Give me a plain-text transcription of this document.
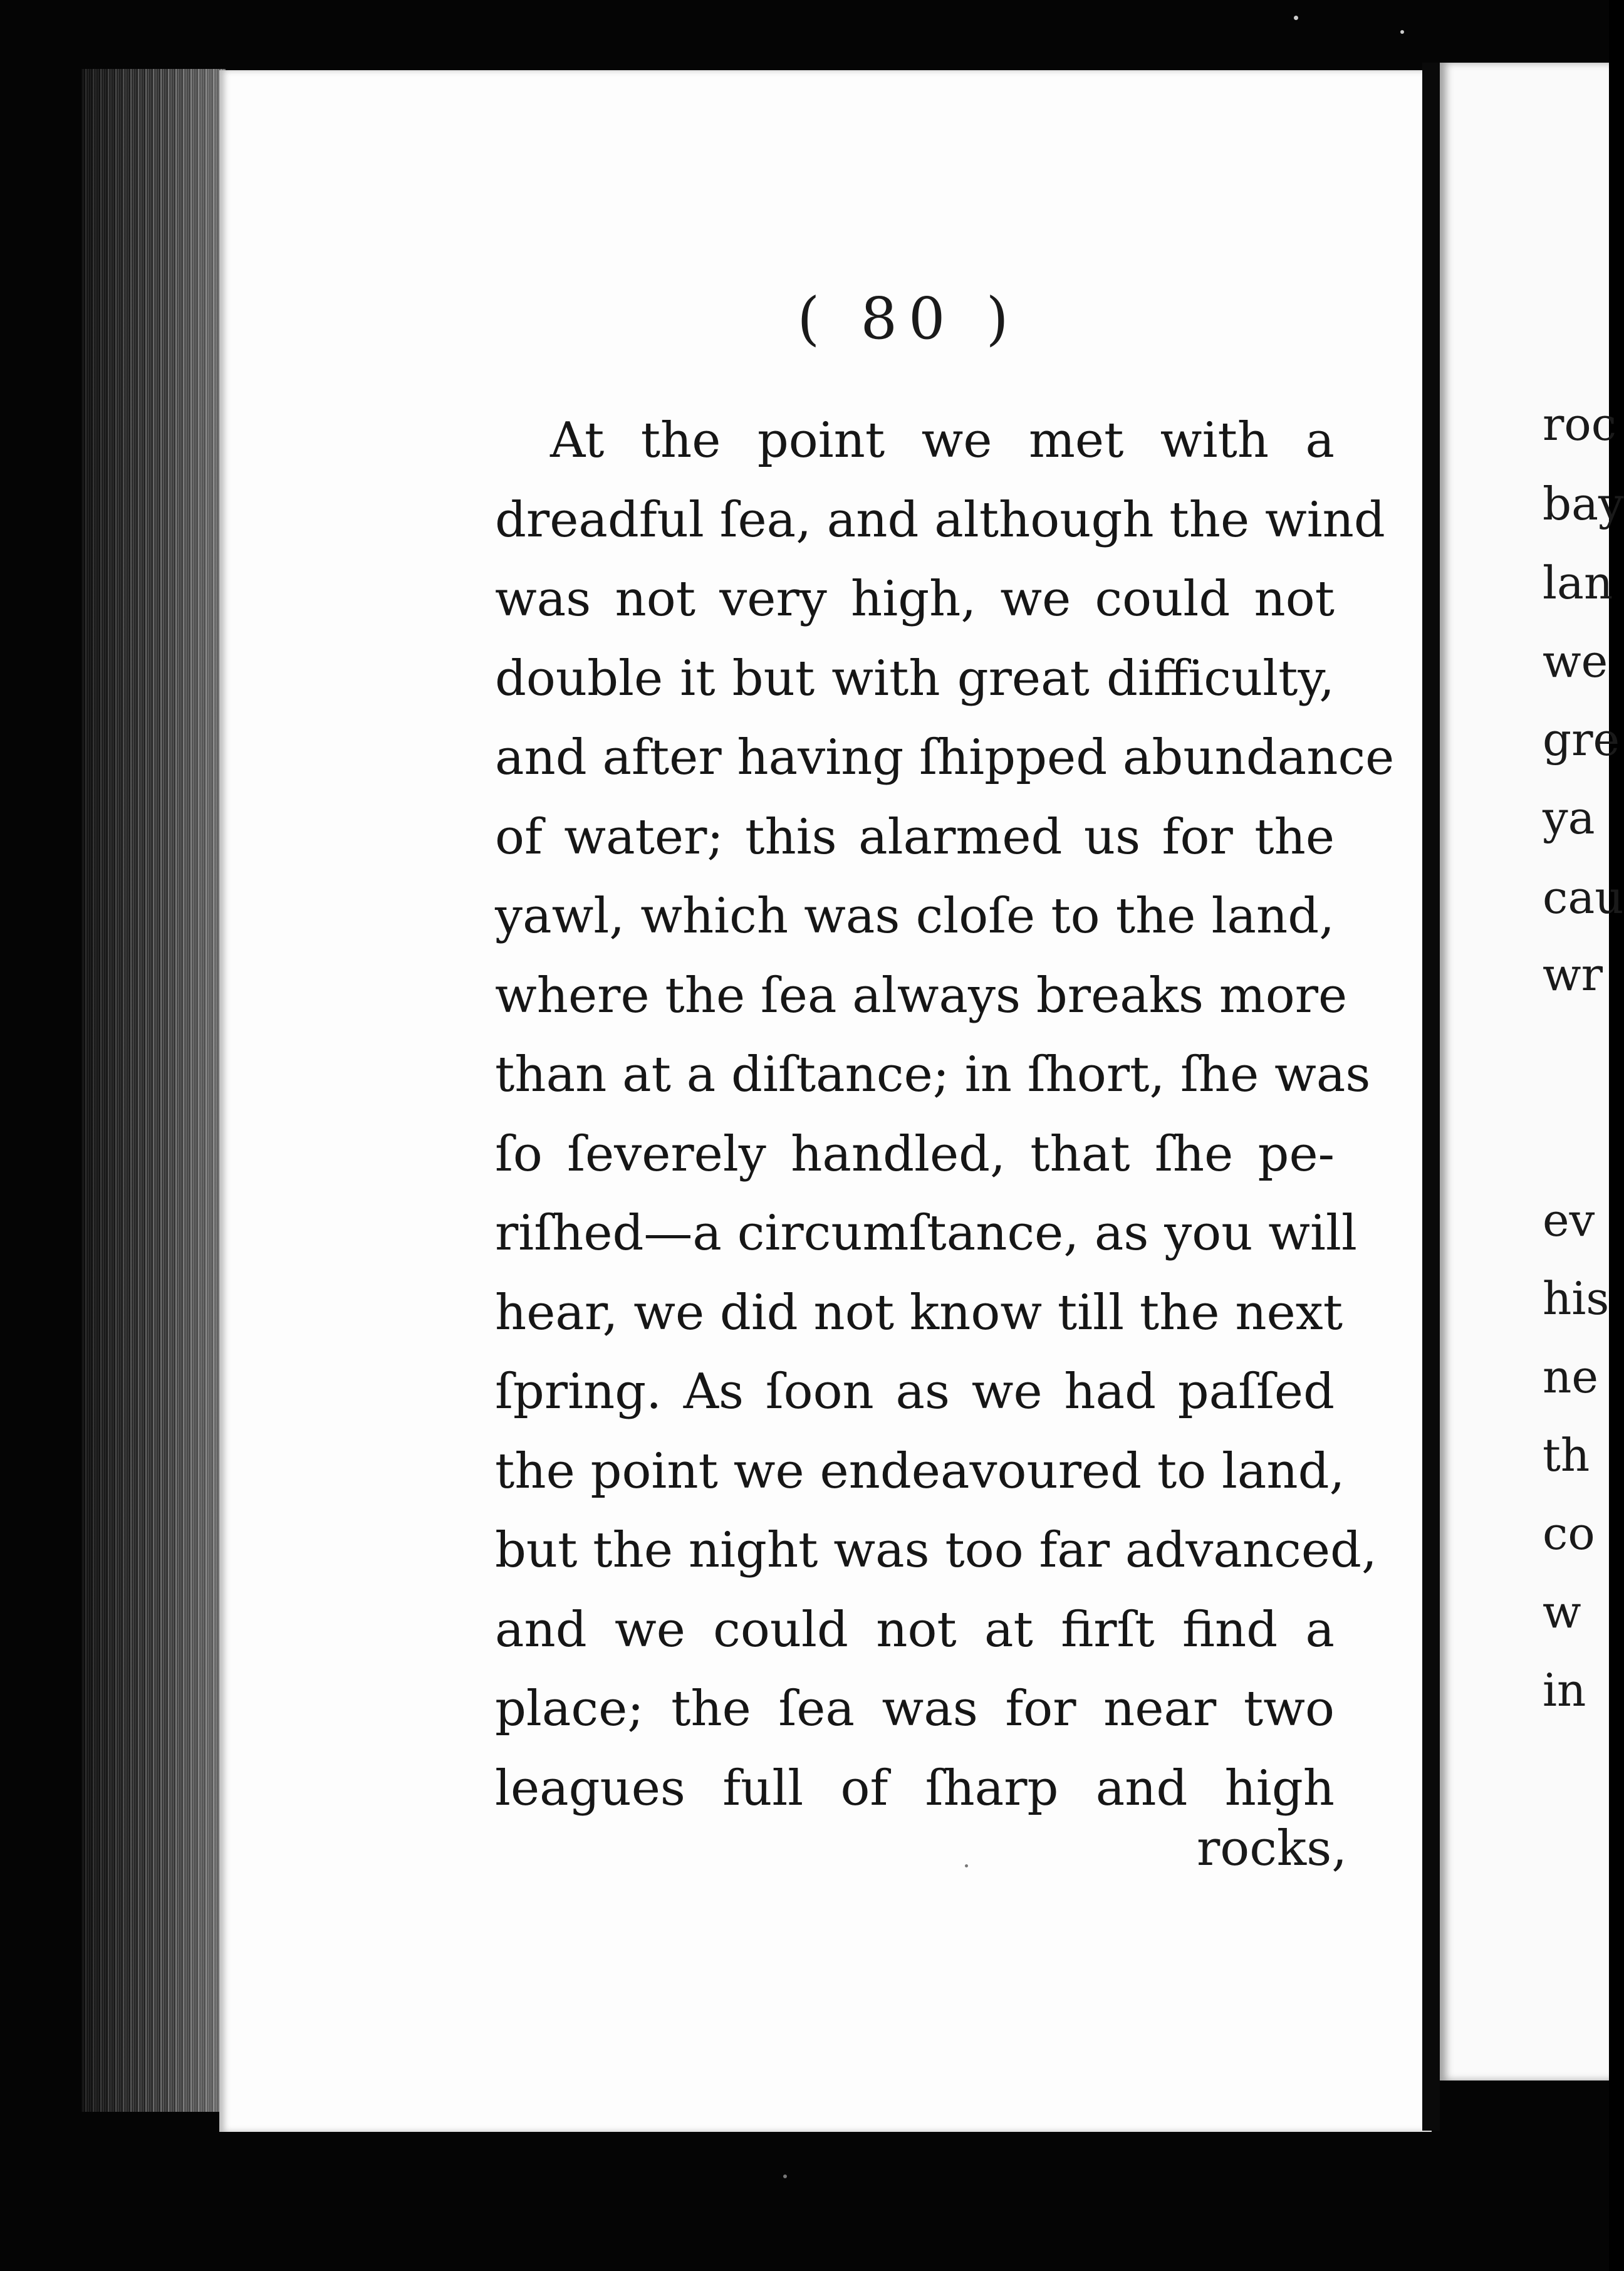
( 80 )
At the point we met with a
dreadful ſea, and although the wind
was not very high, we could not
double it but with great difficulty,
and after having ſhipped abundance
of water; this alarmed us for the
yawl, which was cloſe to the land,
where the ſea always breaks more
than at a diſtance; in ſhort, ſhe was
ſo ſeverely handled, that ſhe pe-
riſhed—a circumſtance, as you will
hear, we did not know till the next
ſpring. As ſoon as we had paſſed
the point we endeavoured to land,
but the night was too far advanced,
and we could not at firſt find a
place; the ſea was for near two
leagues full of ſharp and high
rocks,
roc
bay
lan
we
gre
ya
cau
wr
ev
his
ne
th
co
w
in
